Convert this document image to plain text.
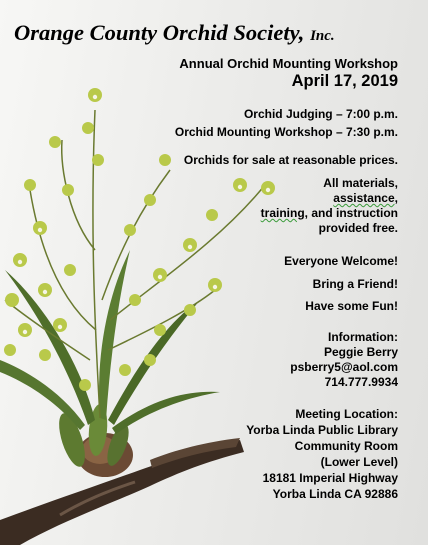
Orange County Orchid Society, Inc.
Annual Orchid Mounting Workshop
April 17, 2019
Orchid Judging – 7:00 p.m.
Orchid Mounting Workshop – 7:30 p.m.
Orchids for sale at reasonable prices.
All materials,
assistance,
training, and instruction
provided free.
Everyone Welcome!
Bring a Friend!
Have some Fun!
Information:
Peggie Berry
psberry5@aol.com
714.777.9934
Meeting Location:
Yorba Linda Public Library
Community Room
(Lower Level)
18181 Imperial Highway
Yorba Linda CA 92886
